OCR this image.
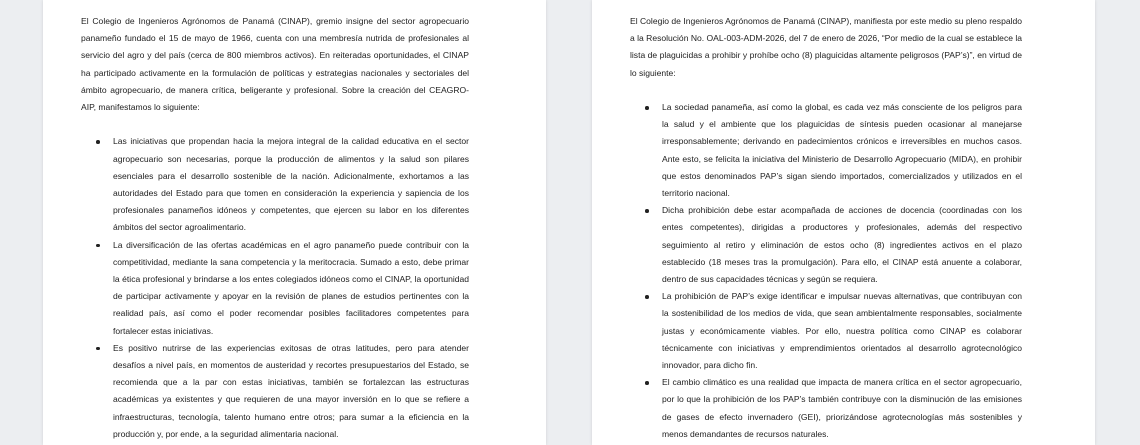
El Colegio de Ingenieros Agrónomos de Panamá (CINAP), gremio insigne del sector agropecuario panameño fundado el 15 de mayo de 1966, cuenta con una membresía nutrida de profesionales al servicio del agro y del país (cerca de 800 miembros activos). En reiteradas oportunidades, el CINAP ha participado activamente en la formulación de políticas y estrategias nacionales y sectoriales del ámbito agropecuario, de manera crítica, beligerante y profesional. Sobre la creación del CEAGRO-AIP, manifestamos lo siguiente:

Las iniciativas que propendan hacia la mejora integral de la calidad educativa en el sector agropecuario son necesarias, porque la producción de alimentos y la salud son pilares esenciales para el desarrollo sostenible de la nación. Adicionalmente, exhortamos a las autoridades del Estado para que tomen en consideración la experiencia y sapiencia de los profesionales panameños idóneos y competentes, que ejercen su labor en los diferentes ámbitos del sector agroalimentario.
La diversificación de las ofertas académicas en el agro panameño puede contribuir con la competitividad, mediante la sana competencia y la meritocracia. Sumado a esto, debe primar la ética profesional y brindarse a los entes colegiados idóneos como el CINAP, la oportunidad de participar activamente y apoyar en la revisión de planes de estudios pertinentes con la realidad país, así como el poder recomendar posibles facilitadores competentes para fortalecer estas iniciativas.
Es positivo nutrirse de las experiencias exitosas de otras latitudes, pero para atender desafíos a nivel país, en momentos de austeridad y recortes presupuestarios del Estado, se recomienda que a la par con estas iniciativas, también se fortalezcan las estructuras académicas ya existentes y que requieren de una mayor inversión en lo que se refiere a infraestructuras, tecnología, talento humano entre otros; para sumar a la eficiencia en la producción y, por ende, a la seguridad alimentaria nacional.

El Colegio de Ingenieros Agrónomos de Panamá (CINAP), manifiesta por este medio su pleno respaldo a la Resolución No. OAL-003-ADM-2026, del 7 de enero de 2026, “Por medio de la cual se establece la lista de plaguicidas a prohibir y prohíbe ocho (8) plaguicidas altamente peligrosos (PAP’s)”, en virtud de lo siguiente:

La sociedad panameña, así como la global, es cada vez más consciente de los peligros para la salud y el ambiente que los plaguicidas de síntesis pueden ocasionar al manejarse irresponsablemente; derivando en padecimientos crónicos e irreversibles en muchos casos. Ante esto, se felicita la iniciativa del Ministerio de Desarrollo Agropecuario (MIDA), en prohibir que estos denominados PAP’s sigan siendo importados, comercializados y utilizados en el territorio nacional.
Dicha prohibición debe estar acompañada de acciones de docencia (coordinadas con los entes competentes), dirigidas a productores y profesionales, además del respectivo seguimiento al retiro y eliminación de estos ocho (8) ingredientes activos en el plazo establecido (18 meses tras la promulgación). Para ello, el CINAP está anuente a colaborar, dentro de sus capacidades técnicas y según se requiera.
La prohibición de PAP’s exige identificar e impulsar nuevas alternativas, que contribuyan con la sostenibilidad de los medios de vida, que sean ambientalmente responsables, socialmente justas y económicamente viables. Por ello, nuestra política como CINAP es colaborar técnicamente con iniciativas y emprendimientos orientados al desarrollo agrotecnológico innovador, para dicho fin.
El cambio climático es una realidad que impacta de manera crítica en el sector agropecuario, por lo que la prohibición de los PAP’s también contribuye con la disminución de las emisiones de gases de efecto invernadero (GEI), priorizándose agrotecnologías más sostenibles y menos demandantes de recursos naturales.
